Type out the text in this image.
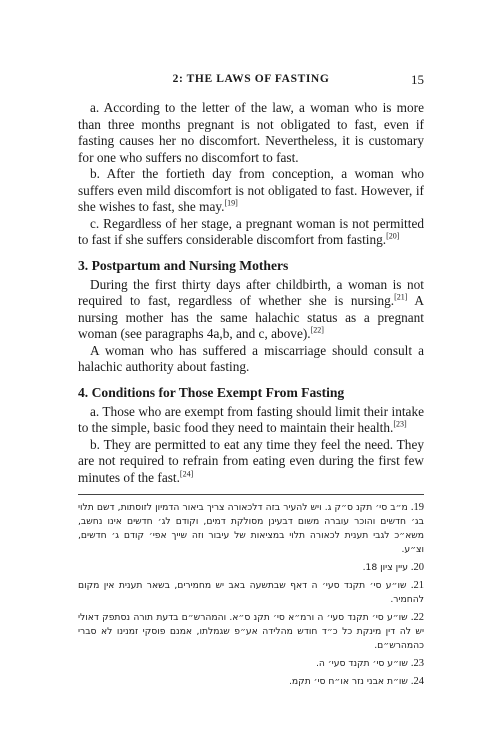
2: THE LAWS OF FASTING	15

a. According to the letter of the law, a woman who is more than three months pregnant is not obligated to fast, even if fasting causes her no discomfort. Nevertheless, it is customary for one who suffers no discomfort to fast.

b. After the fortieth day from conception, a woman who suffers even mild discomfort is not obligated to fast. However, if she wishes to fast, she may.[19]

c. Regardless of her stage, a pregnant woman is not permitted to fast if she suffers considerable discomfort from fasting.[20]

3. Postpartum and Nursing Mothers

During the first thirty days after childbirth, a woman is not required to fast, regardless of whether she is nursing.[21] A nursing mother has the same halachic status as a pregnant woman (see paragraphs 4a,b, and c, above).[22]

A woman who has suffered a miscarriage should consult a halachic authority about fasting.

4. Conditions for Those Exempt From Fasting

a. Those who are exempt from fasting should limit their intake to the simple, basic food they need to maintain their health.[23]

b. They are permitted to eat any time they feel the need. They are not required to refrain from eating even during the first few minutes of the fast.[24]

19. מ״ב סי׳ תקנ ס״ק ג. ויש להעיר בזה דלכאורה צריך ביאור הדמיון לזוסתות, דשם תלוי בג׳ חדשים והוכר עוברה משום דבעינן מסולקת דמים, וקודם לג׳ חדשים אינו נחשב, משא״כ לגבי תענית לכאורה תלוי במציאות של עיבור וזה שייך אפי׳ קודם ג׳ חדשים, וצ״ע.

20. עיין ציון 18.

21. שו״ע סי׳ תקנד סעי׳ ה דאף שבתשעה באב יש מחמירים, בשאר תענית אין מקום להחמיר.

22. שו״ע סי׳ תקנד סעי׳ ה ורמ״א סי׳ תקנ ס״א. והמהרש״ם בדעת תורה נסתפק דאולי יש לה דין מינקת כל כ״ד חודש מהלידה אע״פ שגמלתו, אמנם פוסקי זמנינו לא סברי כהמהרש״ם.

23. שו״ע סי׳ תקנד סעי׳ ה.

24. שו״ת אבני נזר או״ח סי׳ תקמ.
